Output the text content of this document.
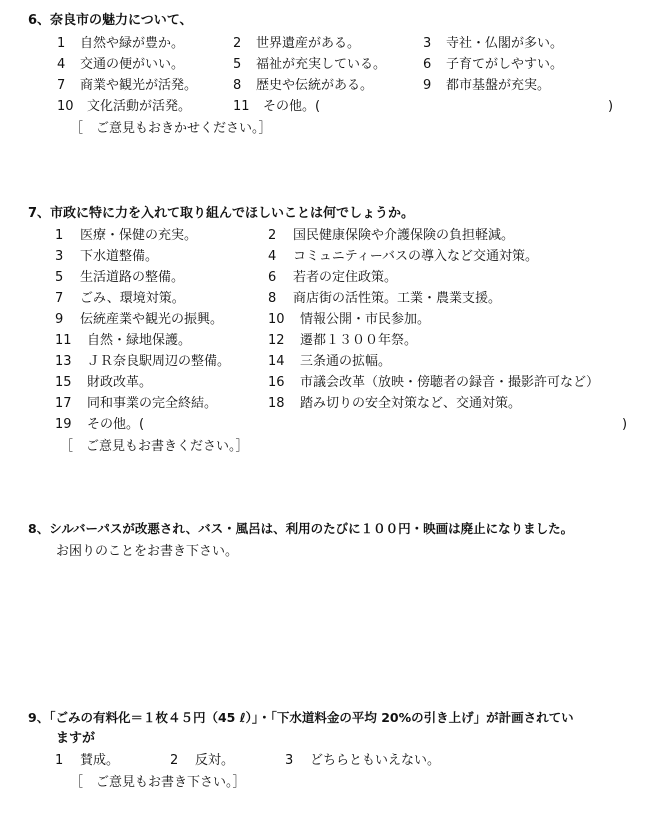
6、奈良市の魅力について、
1 自然や緑が豊か。	2 世界遺産がある。	3 寺社・仏閣が多い。
4 交通の便がいい。	5 福祉が充実している。	6 子育てがしやすい。
7 商業や観光が活発。	8 歴史や伝統がある。	9 都市基盤が充実。
10 文化活動が活発。	11 その他。(	)
［　ご意見もおきかせください。］
7、市政に特に力を入れて取り組んでほしいことは何でしょうか。
1 医療・保健の充実。	2 国民健康保険や介護保険の負担軽減。
3 下水道整備。	4 コミュニティーバスの導入など交通対策。
5 生活道路の整備。	6 若者の定住政策。
7 ごみ、環境対策。	8 商店街の活性策。工業・農業支援。
9 伝統産業や観光の振興。	10 情報公開・市民参加。
11 自然・緑地保護。	12 遷都１３００年祭。
13 ＪＲ奈良駅周辺の整備。	14 三条通の拡幅。
15 財政改革。	16 市議会改革（放映・傍聴者の録音・撮影許可など）
17 同和事業の完全終結。	18 踏み切りの安全対策など、交通対策。
19 その他。(	)
［　ご意見もお書きください。］
8、シルバーパスが改悪され、バス・風呂は、利用のたびに１００円・映画は廃止になりました。
お困りのことをお書き下さい。
9、「ごみの有料化＝１枚４５円（45 ℓ）」・「下水道料金の平均 20%の引き上げ」が計画されてい
ますが
1 賛成。	2 反対。	3 どちらともいえない。
［　ご意見もお書き下さい。］
